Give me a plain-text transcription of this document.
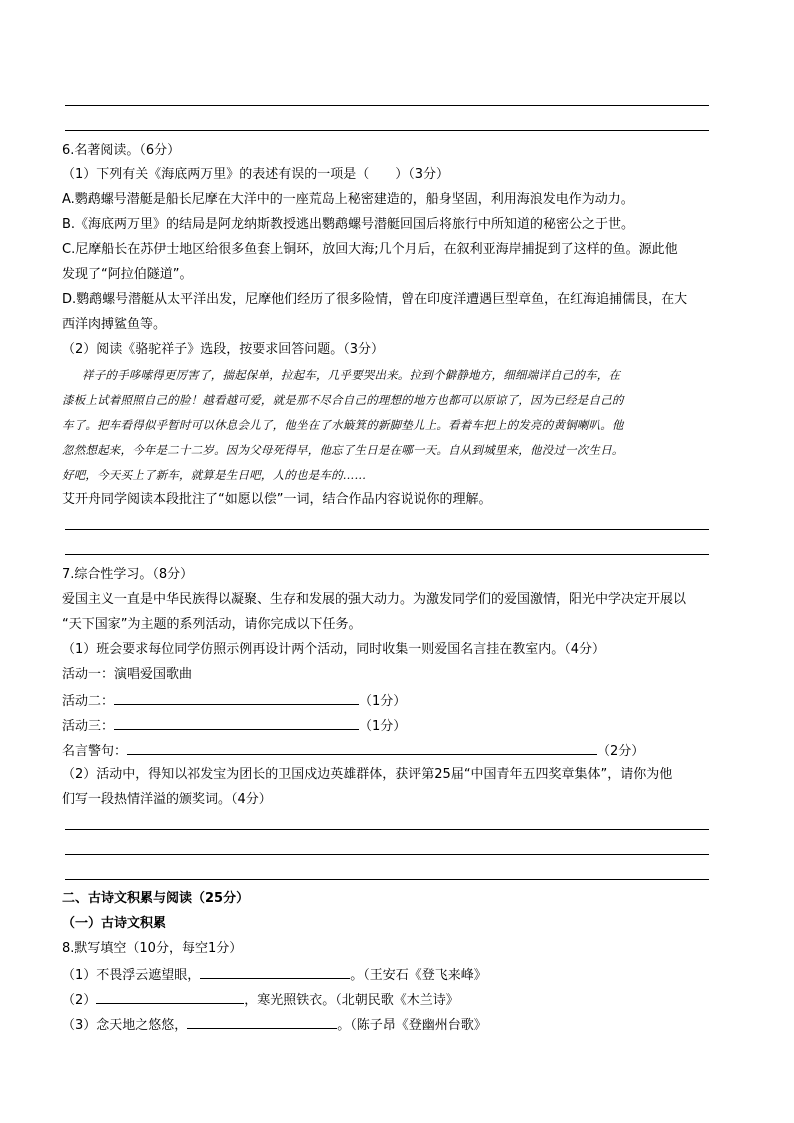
6.名著阅读。（6分）
（1）下列有关《海底两万里》的表述有误的一项是（　　）（3分）
A.鹦鹉螺号潜艇是船长尼摩在大洋中的一座荒岛上秘密建造的，船身坚固，利用海浪发电作为动力。
B.《海底两万里》的结局是阿龙纳斯教授逃出鹦鹉螺号潜艇回国后将旅行中所知道的秘密公之于世。
C.尼摩船长在苏伊士地区给很多鱼套上铜环，放回大海;几个月后，在叙利亚海岸捕捉到了这样的鱼。源此他
发现了“阿拉伯隧道”。
D.鹦鹉螺号潜艇从太平洋出发，尼摩他们经历了很多险情，曾在印度洋遭遇巨型章鱼，在红海追捕儒艮，在大
西洋肉搏鲨鱼等。
（2）阅读《骆驼祥子》选段，按要求回答问题。（3分）
祥子的手哆嗦得更厉害了，揣起保单，拉起车，几乎要哭出来。拉到个僻静地方，细细端详自己的车，在
漆板上试着照照自己的脸！越看越可爱，就是那不尽合自己的理想的地方也都可以原谅了，因为已经是自己的
车了。把车看得似乎暂时可以休息会儿了，他坐在了水簸箕的新脚垫儿上。看着车把上的发亮的黄铜喇叭。他
忽然想起来，今年是二十二岁。因为父母死得早，他忘了生日是在哪一天。自从到城里来，他没过一次生日。
好吧，今天买上了新车，就算是生日吧，人的也是车的……
艾开舟同学阅读本段批注了“如愿以偿”一词，结合作品内容说说你的理解。
7.综合性学习。（8分）
爱国主义一直是中华民族得以凝聚、生存和发展的强大动力。为激发同学们的爱国激情，阳光中学决定开展以
“天下国家”为主题的系列活动，请你完成以下任务。
（1）班会要求每位同学仿照示例再设计两个活动，同时收集一则爱国名言挂在教室内。（4分）
活动一：演唱爱国歌曲
活动二：	（1分）
活动三：	（1分）
名言警句：	（2分）
（2）活动中，得知以祁发宝为团长的卫国戍边英雄群体，获评第25届“中国青年五四奖章集体”，请你为他
们写一段热情洋溢的颁奖词。（4分）
二、古诗文积累与阅读（25分）
（一）古诗文积累
8.默写填空（10分，每空1分）
（1）不畏浮云遮望眼，	。（王安石《登飞来峰》
（2）	，寒光照铁衣。（北朝民歌《木兰诗》
（3）念天地之悠悠，	。（陈子昂《登幽州台歌》
